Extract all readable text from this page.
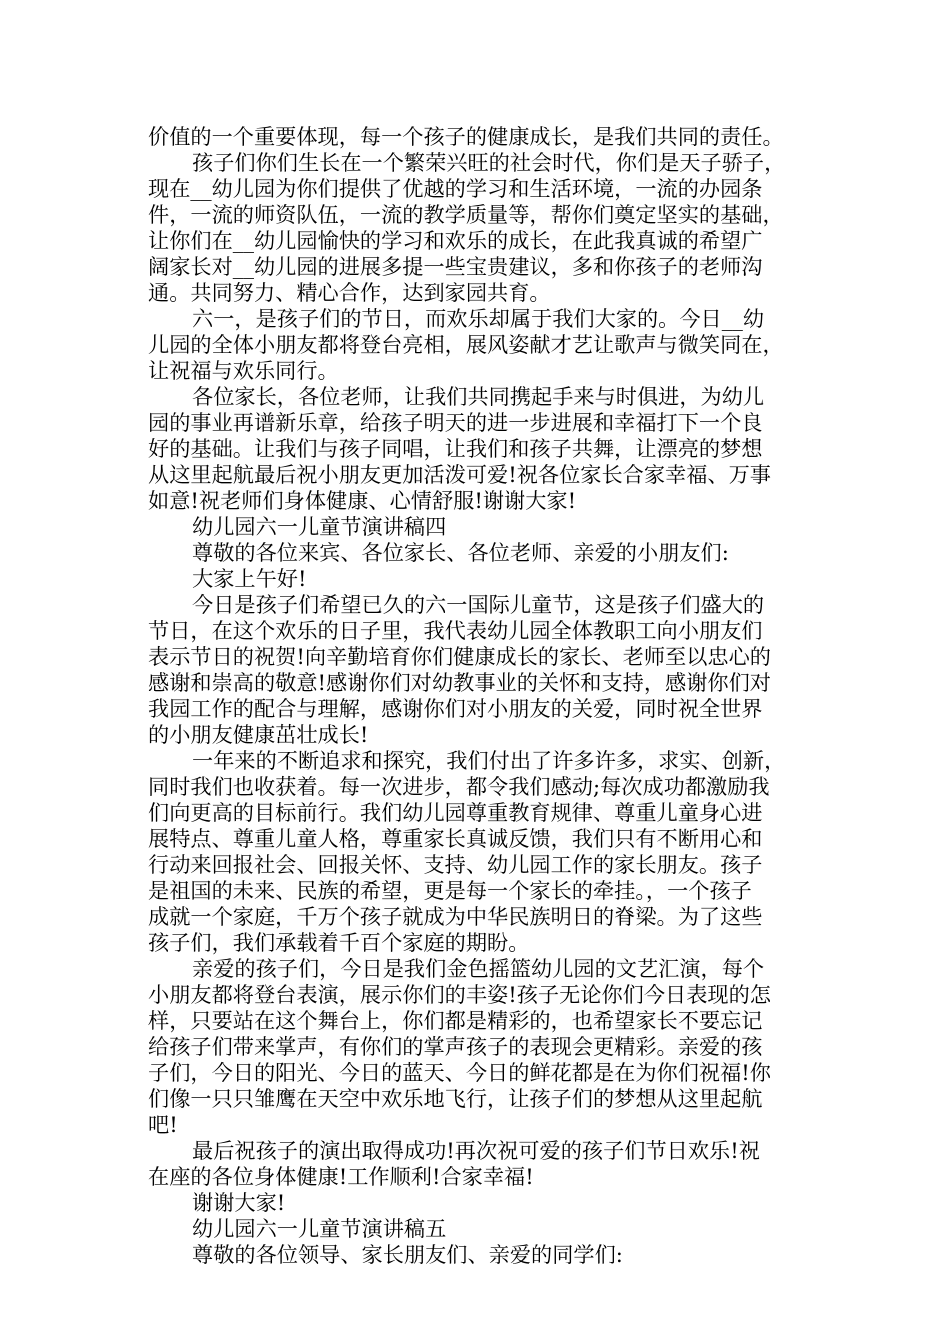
价值的一个重要体现，每一个孩子的健康成长，是我们共同的责任。

孩子们你们生长在一个繁荣兴旺的社会时代，你们是天子骄子，

现在__幼儿园为你们提供了优越的学习和生活环境，一流的办园条

件，一流的师资队伍，一流的教学质量等，帮你们奠定坚实的基础，

让你们在__幼儿园愉快的学习和欢乐的成长，在此我真诚的希望广

阔家长对__幼儿园的进展多提一些宝贵建议，多和你孩子的老师沟

通。共同努力、精心合作，达到家园共育。

六一，是孩子们的节日，而欢乐却属于我们大家的。今日__幼

儿园的全体小朋友都将登台亮相，展风姿献才艺让歌声与微笑同在，

让祝福与欢乐同行。

各位家长，各位老师，让我们共同携起手来与时俱进，为幼儿

园的事业再谱新乐章，给孩子明天的进一步进展和幸福打下一个良

好的基础。让我们与孩子同唱，让我们和孩子共舞，让漂亮的梦想

从这里起航最后祝小朋友更加活泼可爱!祝各位家长合家幸福、万事

如意!祝老师们身体健康、心情舒服!谢谢大家!

幼儿园六一儿童节演讲稿四

尊敬的各位来宾、各位家长、各位老师、亲爱的小朋友们:

大家上午好!

今日是孩子们希望已久的六一国际儿童节，这是孩子们盛大的

节日，在这个欢乐的日子里，我代表幼儿园全体教职工向小朋友们

表示节日的祝贺!向辛勤培育你们健康成长的家长、老师至以忠心的

感谢和崇高的敬意!感谢你们对幼教事业的关怀和支持，感谢你们对

我园工作的配合与理解，感谢你们对小朋友的关爱，同时祝全世界

的小朋友健康茁壮成长!

一年来的不断追求和探究，我们付出了许多许多，求实、创新，

同时我们也收获着。每一次进步，都令我们感动;每次成功都激励我

们向更高的目标前行。我们幼儿园尊重教育规律、尊重儿童身心进

展特点、尊重儿童人格，尊重家长真诚反馈，我们只有不断用心和

行动来回报社会、回报关怀、支持、幼儿园工作的家长朋友。孩子

是祖国的未来、民族的希望，更是每一个家长的牵挂。，一个孩子

成就一个家庭，千万个孩子就成为中华民族明日的脊梁。为了这些

孩子们，我们承载着千百个家庭的期盼。

亲爱的孩子们，今日是我们金色摇篮幼儿园的文艺汇演，每个

小朋友都将登台表演，展示你们的丰姿!孩子无论你们今日表现的怎

样，只要站在这个舞台上，你们都是精彩的，也希望家长不要忘记

给孩子们带来掌声，有你们的掌声孩子的表现会更精彩。亲爱的孩

子们，今日的阳光、今日的蓝天、今日的鲜花都是在为你们祝福!你

们像一只只雏鹰在天空中欢乐地飞行，让孩子们的梦想从这里起航

吧!

最后祝孩子的演出取得成功!再次祝可爱的孩子们节日欢乐!祝

在座的各位身体健康!工作顺利!合家幸福!

谢谢大家!

幼儿园六一儿童节演讲稿五

尊敬的各位领导、家长朋友们、亲爱的同学们:
